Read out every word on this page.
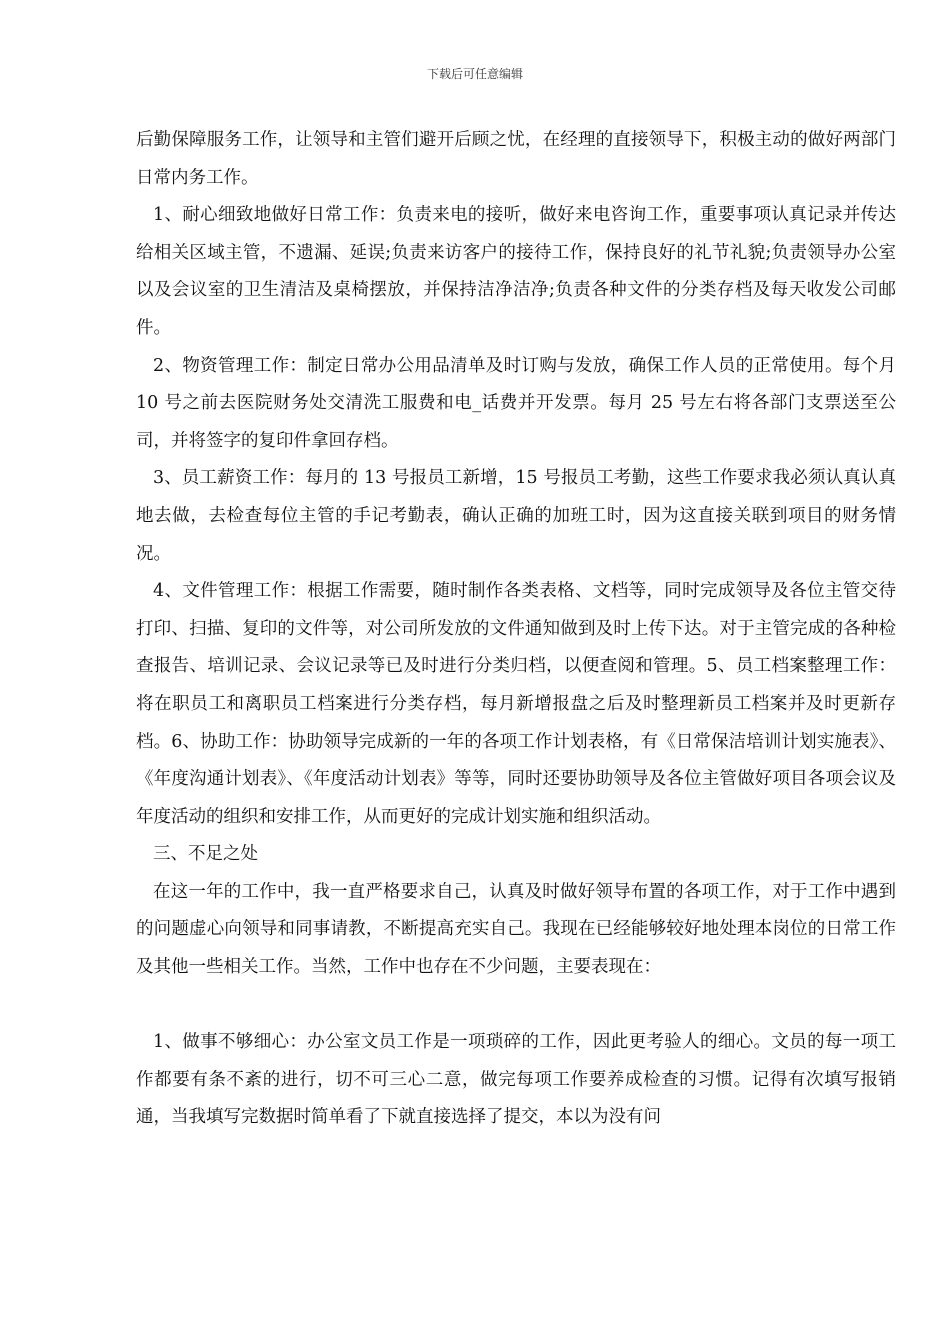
下载后可任意编辑

后勤保障服务工作，让领导和主管们避开后顾之忧，在经理的直接领导下，积极主动的做好两部门日常内务工作。

1、耐心细致地做好日常工作：负责来电的接听，做好来电咨询工作，重要事项认真记录并传达给相关区域主管，不遗漏、延误;负责来访客户的接待工作，保持良好的礼节礼貌;负责领导办公室以及会议室的卫生清洁及桌椅摆放，并保持洁净洁净;负责各种文件的分类存档及每天收发公司邮件。

2、物资管理工作：制定日常办公用品清单及时订购与发放，确保工作人员的正常使用。每个月 10 号之前去医院财务处交清洗工服费和电_话费并开发票。每月 25 号左右将各部门支票送至公司，并将签字的复印件拿回存档。

3、员工薪资工作：每月的 13 号报员工新增，15 号报员工考勤，这些工作要求我必须认真认真地去做，去检查每位主管的手记考勤表，确认正确的加班工时，因为这直接关联到项目的财务情况。

4、文件管理工作：根据工作需要，随时制作各类表格、文档等，同时完成领导及各位主管交待打印、扫描、复印的文件等，对公司所发放的文件通知做到及时上传下达。对于主管完成的各种检查报告、培训记录、会议记录等已及时进行分类归档，以便查阅和管理。5、员工档案整理工作：将在职员工和离职员工档案进行分类存档，每月新增报盘之后及时整理新员工档案并及时更新存档。6、协助工作：协助领导完成新的一年的各项工作计划表格，有《日常保洁培训计划实施表》、《年度沟通计划表》、《年度活动计划表》等等，同时还要协助领导及各位主管做好项目各项会议及年度活动的组织和安排工作，从而更好的完成计划实施和组织活动。

三、不足之处

在这一年的工作中，我一直严格要求自己，认真及时做好领导布置的各项工作，对于工作中遇到的问题虚心向领导和同事请教，不断提高充实自己。我现在已经能够较好地处理本岗位的日常工作及其他一些相关工作。当然，工作中也存在不少问题，主要表现在：

1、做事不够细心：办公室文员工作是一项琐碎的工作，因此更考验人的细心。文员的每一项工作都要有条不紊的进行，切不可三心二意，做完每项工作要养成检查的习惯。记得有次填写报销通，当我填写完数据时简单看了下就直接选择了提交，本以为没有问
